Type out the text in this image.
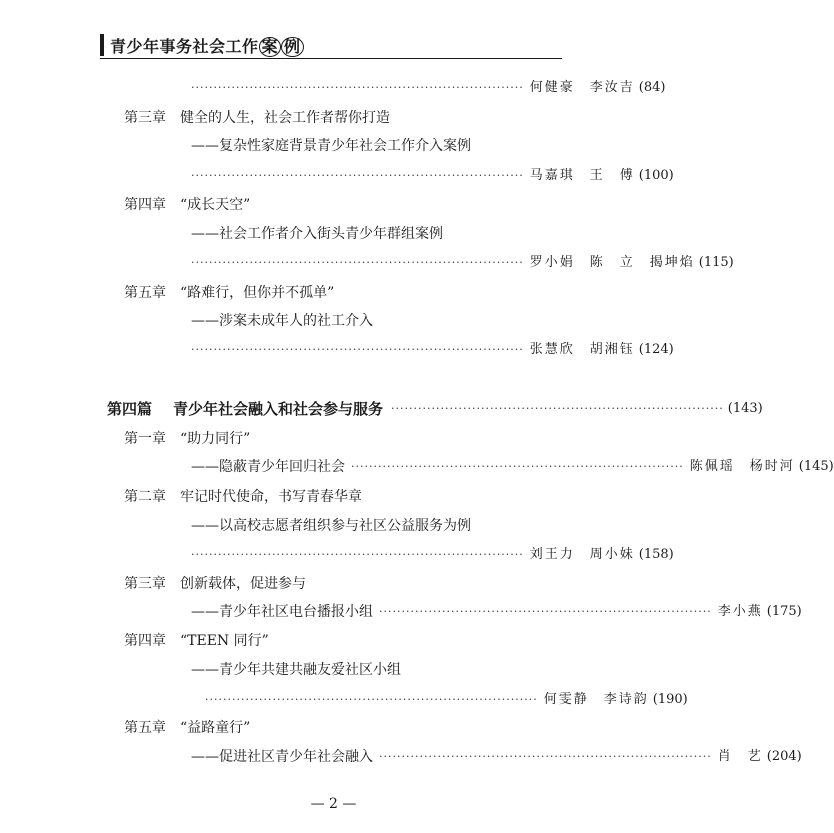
青少年事务社会工作 案 例
·········································································· 何健豪　李汝吉 (84)
第三章 健全的人生，社会工作者帮你打造
——复杂性家庭背景青少年社会工作介入案例
·········································································· 马嘉琪　王　傅 (100)
第四章 “成长天空”
——社会工作者介入街头青少年群组案例
·········································································· 罗小娟　陈　立　揭坤焰 (115)
第五章 “路难行，但你并不孤单”
——涉案未成年人的社工介入
·········································································· 张慧欣　胡湘钰 (124)
第四篇 青少年社会融入和社会参与服务 ·········································································· (143)
第一章 “助力同行”
——隐蔽青少年回归社会 ·········································································· 陈佩瑶　杨时河 (145)
第二章 牢记时代使命，书写青春华章
——以高校志愿者组织参与社区公益服务为例
·········································································· 刘王力　周小妹 (158)
第三章 创新载体，促进参与
——青少年社区电台播报小组 ·········································································· 李小燕 (175)
第四章 “TEEN 同行”
——青少年共建共融友爱社区小组
·········································································· 何雯静　李诗韵 (190)
第五章 “益路童行”
——促进社区青少年社会融入 ·········································································· 肖　艺 (204)
— 2 —
